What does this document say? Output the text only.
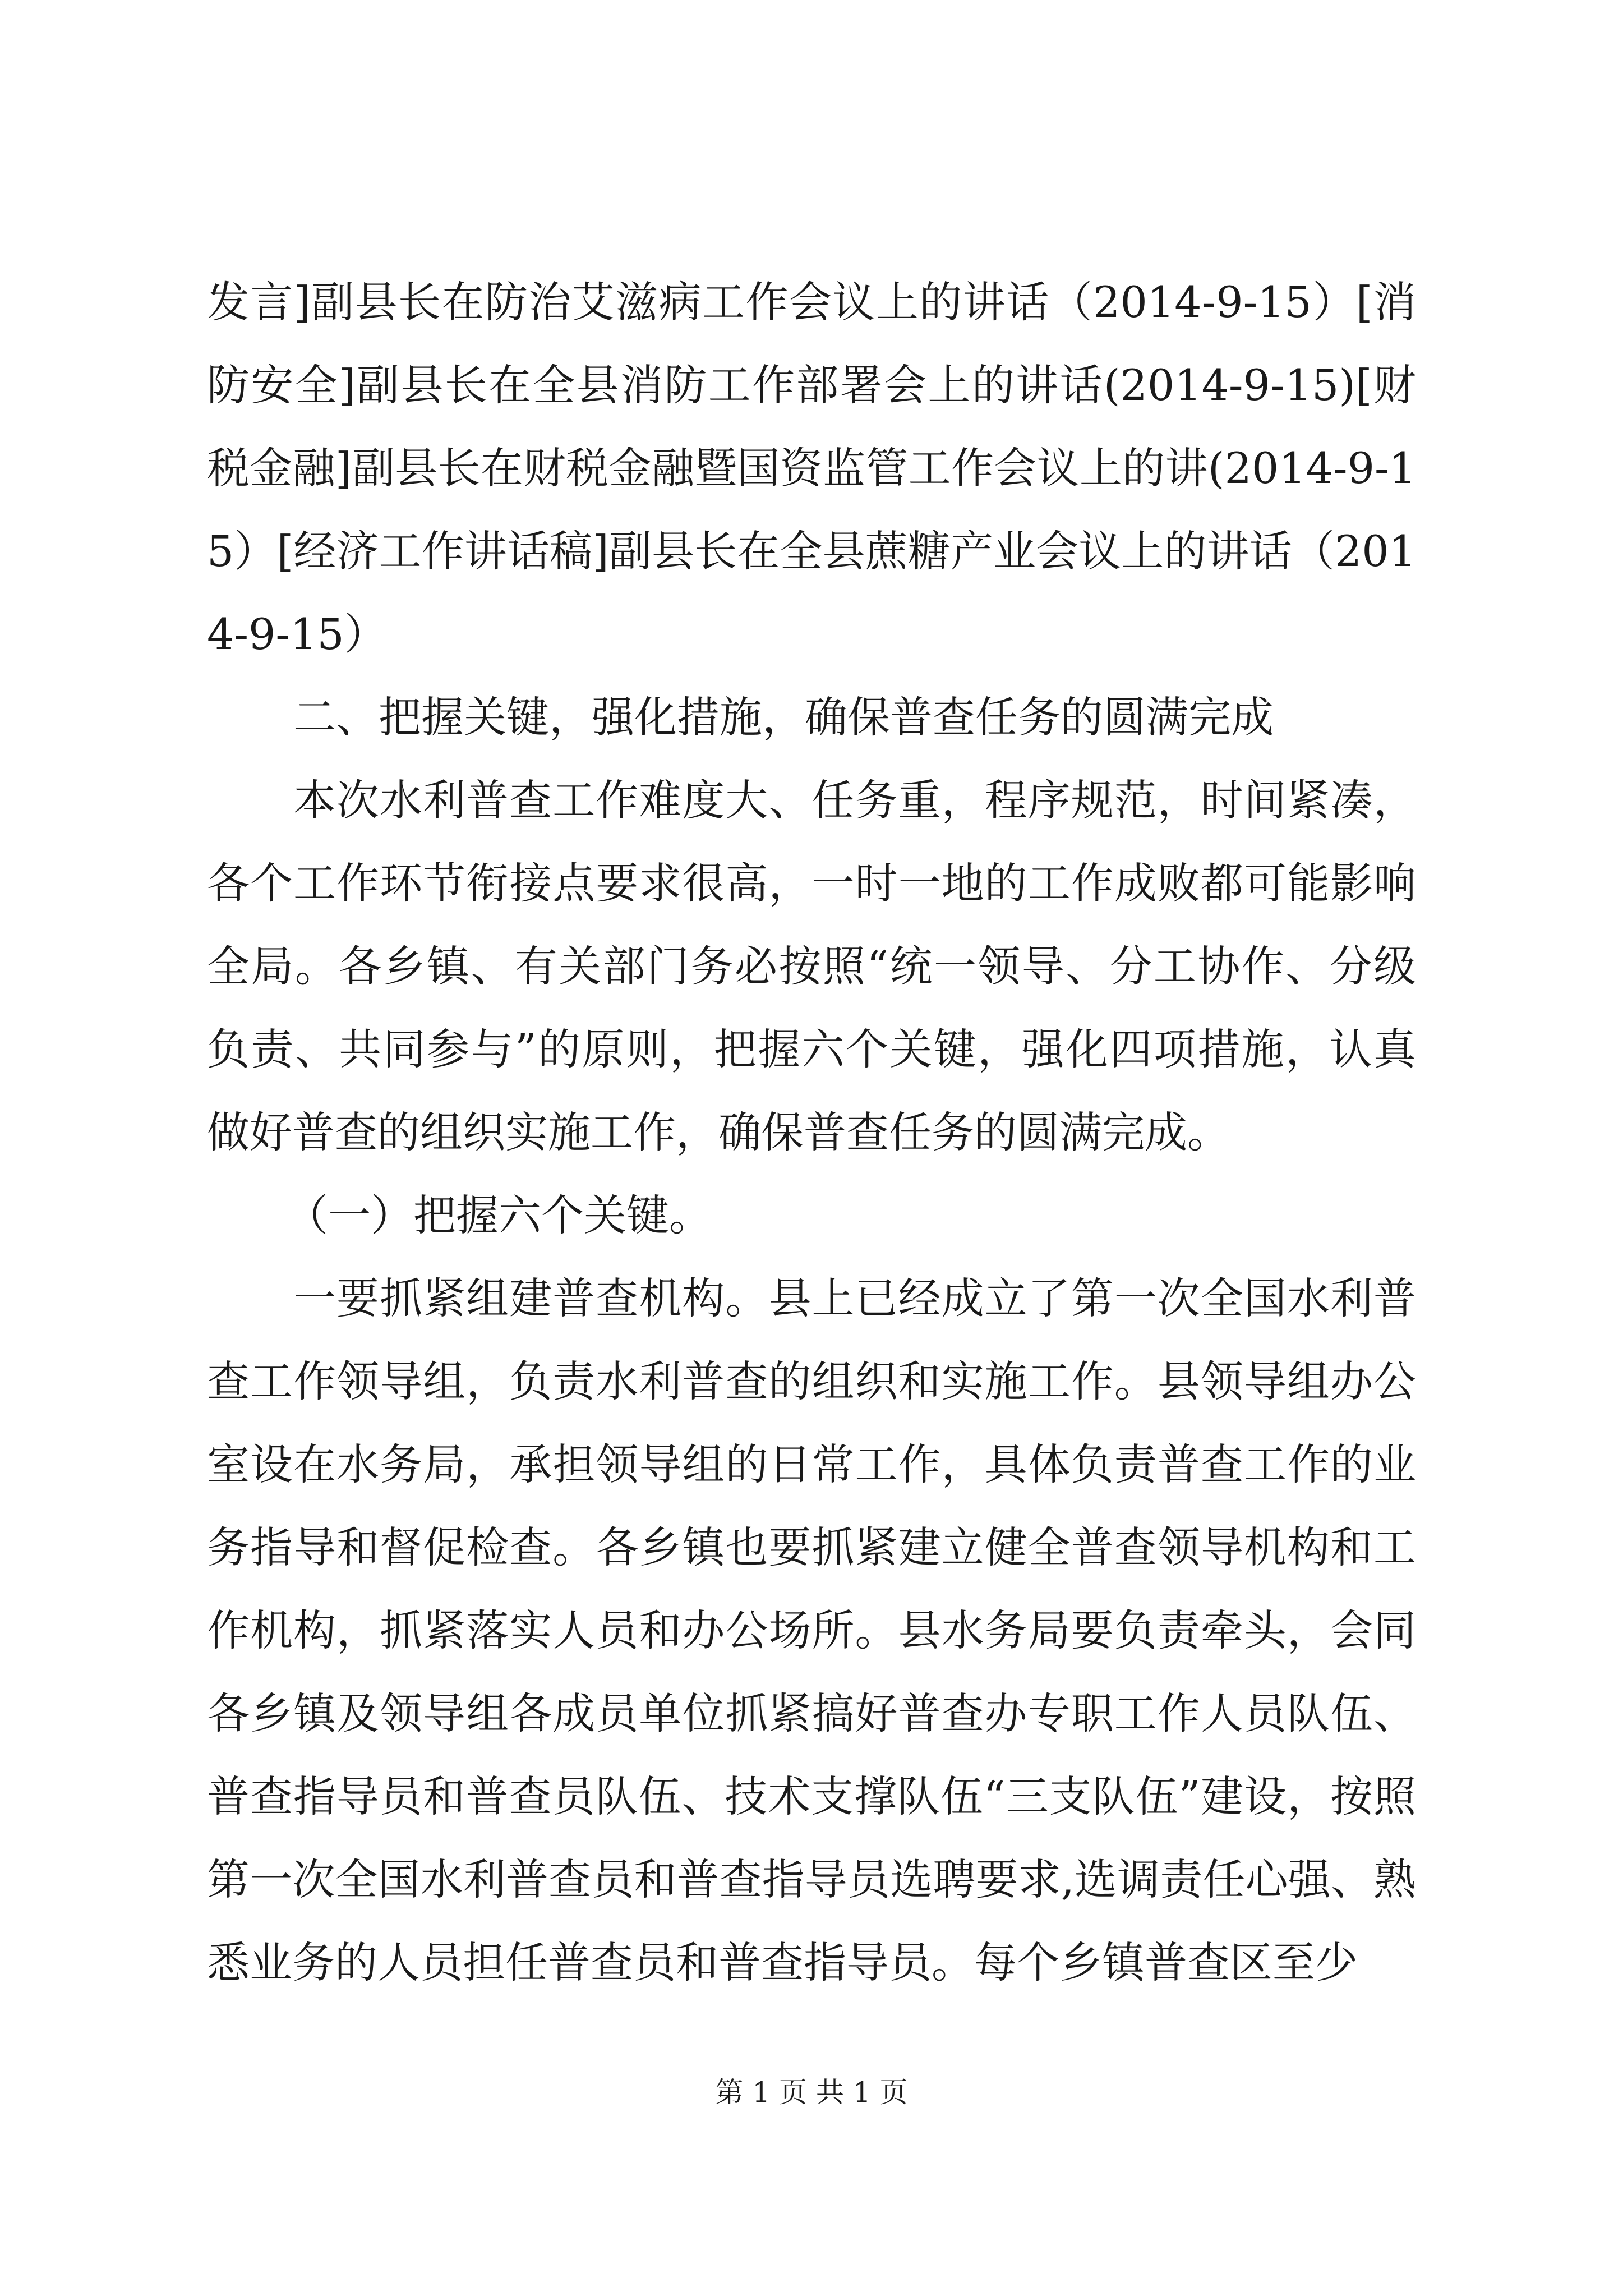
发言]副县长在防治艾滋病工作会议上的讲话（2014-9-15）[消防安全]副县长在全县消防工作部署会上的讲话(2014-9-15)[财税金融]副县长在财税金融暨国资监管工作会议上的讲(2014-9-15）[经济工作讲话稿]副县长在全县蔗糖产业会议上的讲话（2014-9-15）

二、把握关键，强化措施，确保普查任务的圆满完成

本次水利普查工作难度大、任务重，程序规范，时间紧凑，各个工作环节衔接点要求很高，一时一地的工作成败都可能影响全局。各乡镇、有关部门务必按照“统一领导、分工协作、分级负责、共同参与”的原则，把握六个关键，强化四项措施，认真做好普查的组织实施工作，确保普查任务的圆满完成。

（一）把握六个关键。

一要抓紧组建普查机构。县上已经成立了第一次全国水利普查工作领导组，负责水利普查的组织和实施工作。县领导组办公室设在水务局，承担领导组的日常工作，具体负责普查工作的业务指导和督促检查。各乡镇也要抓紧建立健全普查领导机构和工作机构，抓紧落实人员和办公场所。县水务局要负责牵头，会同各乡镇及领导组各成员单位抓紧搞好普查办专职工作人员队伍、普查指导员和普查员队伍、技术支撑队伍“三支队伍”建设，按照第一次全国水利普查员和普查指导员选聘要求,选调责任心强、熟悉业务的人员担任普查员和普查指导员。每个乡镇普查区至少

第 1 页 共 1 页
